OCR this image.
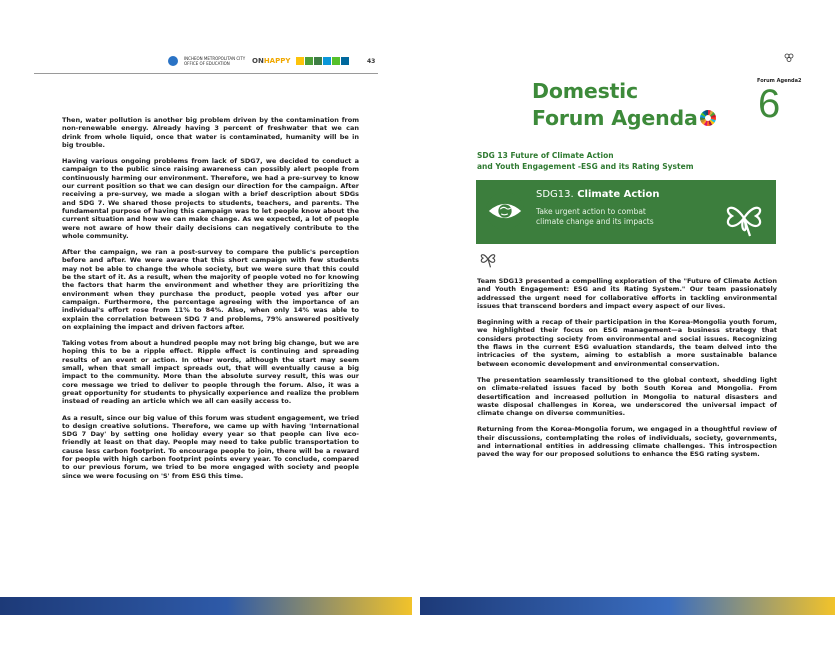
INCHEON METROPOLITAN CITY OFFICE OF EDUCATION	ONHAPPY	43

Then, water pollution is another big problem driven by the contamination from non-renewable energy. Already having 3 percent of freshwater that we can drink from whole liquid, once that water is contaminated, humanity will be in big trouble.

Having various ongoing problems from lack of SDG7, we decided to conduct a campaign to the public since raising awareness can possibly alert people from continuously harming our environment. Therefore, we had a pre-survey to know our current position so that we can design our direction for the campaign. After receiving a pre-survey, we made a slogan with a brief description about SDGs and SDG 7. We shared those projects to students, teachers, and parents. The fundamental purpose of having this campaign was to let people know about the current situation and how we can make change. As we expected, a lot of people were not aware of how their daily decisions can negatively contribute to the whole community.

After the campaign, we ran a post-survey to compare the public's perception before and after. We were aware that this short campaign with few students may not be able to change the whole society, but we were sure that this could be the start of it. As a result, when the majority of people voted no for knowing the factors that harm the environment and whether they are prioritizing the environment when they purchase the product, people voted yes after our campaign. Furthermore, the percentage agreeing with the importance of an individual's effort rose from 11% to 84%. Also, when only 14% was able to explain the correlation between SDG 7 and problems, 79% answered positively on explaining the impact and driven factors after.

Taking votes from about a hundred people may not bring big change, but we are hoping this to be a ripple effect. Ripple effect is continuing and spreading results of an event or action. In other words, although the start may seem small, when that small impact spreads out, that will eventually cause a big impact to the community. More than the absolute survey result, this was our core message we tried to deliver to people through the forum. Also, it was a great opportunity for students to physically experience and realize the problem instead of reading an article which we all can easily access to.

As a result, since our big value of this forum was student engagement, we tried to design creative solutions. Therefore, we came up with having 'International SDG 7 Day' by setting one holiday every year so that people can live eco-friendly at least on that day. People may need to take public transportation to cause less carbon footprint. To encourage people to join, there will be a reward for people with high carbon footprint points every year. To conclude, compared to our previous forum, we tried to be more engaged with society and people since we were focusing on 'S' from ESG this time.

Forum Agenda2
6
Domestic
Forum Agenda
SDG 13 Future of Climate Action
and Youth Engagement -ESG and its Rating System
SDG13. Climate Action
Take urgent action to combat
climate change and its impacts

Team SDG13 presented a compelling exploration of the "Future of Climate Action and Youth Engagement: ESG and its Rating System." Our team passionately addressed the urgent need for collaborative efforts in tackling environmental issues that transcend borders and impact every aspect of our lives.

Beginning with a recap of their participation in the Korea-Mongolia youth forum, we highlighted their focus on ESG management—a business strategy that considers protecting society from environmental and social issues. Recognizing the flaws in the current ESG evaluation standards, the team delved into the intricacies of the system, aiming to establish a more sustainable balance between economic development and environmental conservation.

The presentation seamlessly transitioned to the global context, shedding light on climate-related issues faced by both South Korea and Mongolia. From desertification and increased pollution in Mongolia to natural disasters and waste disposal challenges in Korea, we underscored the universal impact of climate change on diverse communities.

Returning from the Korea-Mongolia forum, we engaged in a thoughtful review of their discussions, contemplating the roles of individuals, society, governments, and international entities in addressing climate challenges. This introspection paved the way for our proposed solutions to enhance the ESG rating system.
